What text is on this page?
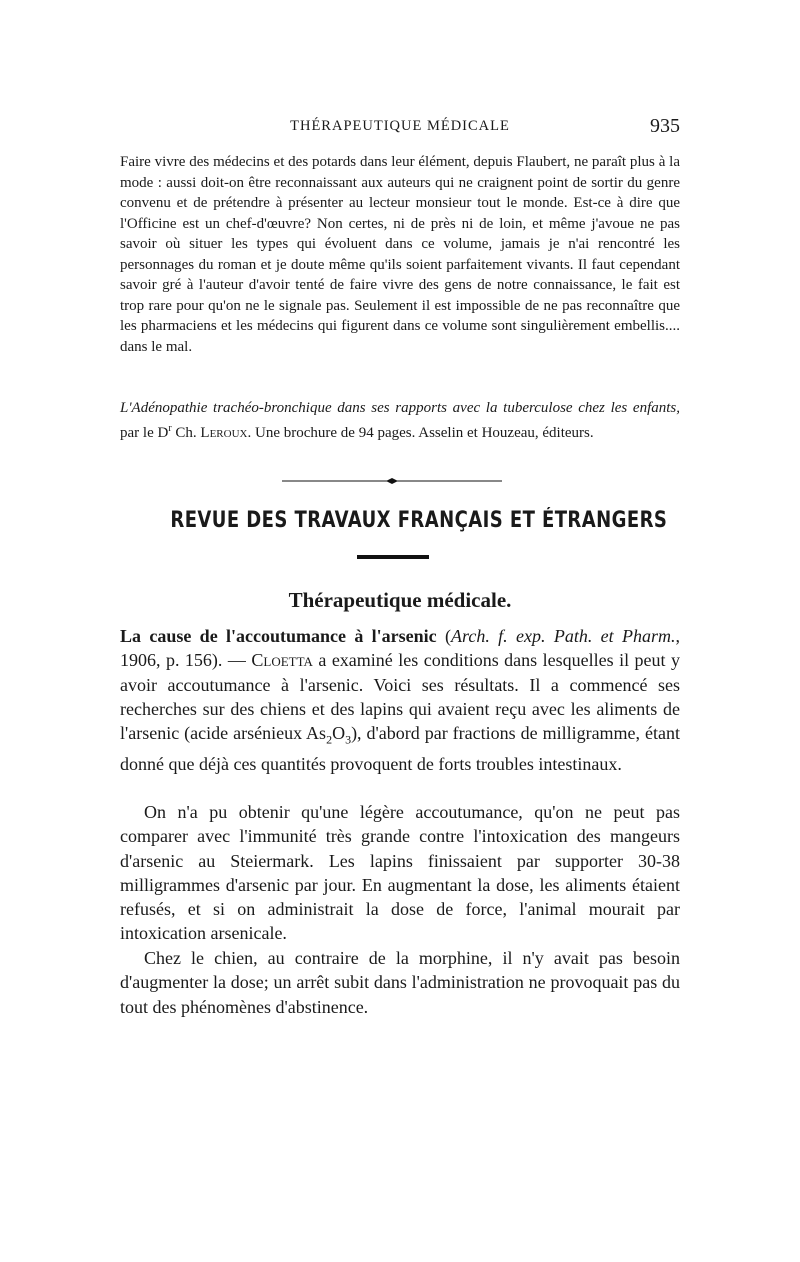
THÉRAPEUTIQUE MÉDICALE	935

Faire vivre des médecins et des potards dans leur élément, depuis Flaubert, ne paraît plus à la mode : aussi doit-on être reconnaissant aux auteurs qui ne craignent point de sortir du genre convenu et de prétendre à présenter au lecteur monsieur tout le monde. Est-ce à dire que l'Officine est un chef-d'œuvre? Non certes, ni de près ni de loin, et même j'avoue ne pas savoir où situer les types qui évoluent dans ce volume, jamais je n'ai rencontré les personnages du roman et je doute même qu'ils soient parfaitement vivants. Il faut cependant savoir gré à l'auteur d'avoir tenté de faire vivre des gens de notre connaissance, le fait est trop rare pour qu'on ne le signale pas. Seulement il est impossible de ne pas reconnaître que les pharmaciens et les médecins qui figurent dans ce volume sont singulièrement embellis.... dans le mal.

L'Adénopathie trachéo-bronchique dans ses rapports avec la tuberculose chez les enfants, par le $D^r$ Ch. Leroux. Une brochure de 94 pages. Asselin et Houzeau, éditeurs.

REVUE DES TRAVAUX FRANÇAIS ET ÉTRANGERS
Thérapeutique médicale.

La cause de l'accoutumance à l'arsenic (Arch. f. exp. Path. et Pharm., 1906, p. 156). — Cloetta a examiné les conditions dans lesquelles il peut y avoir accoutumance à l'arsenic. Voici ses résultats. Il a commencé ses recherches sur des chiens et des lapins qui avaient reçu avec les aliments de l'arsenic (acide arsénieux $As_2O_3$), d'abord par fractions de milligramme, étant donné que déjà ces quantités provoquent de forts troubles intestinaux.

On n'a pu obtenir qu'une légère accoutumance, qu'on ne peut pas comparer avec l'immunité très grande contre l'intoxication des mangeurs d'arsenic au Steiermark. Les lapins finissaient par supporter 30-38 milligrammes d'arsenic par jour. En augmentant la dose, les aliments étaient refusés, et si on administrait la dose de force, l'animal mourait par intoxication arsenicale.

Chez le chien, au contraire de la morphine, il n'y avait pas besoin d'augmenter la dose; un arrêt subit dans l'administration ne provoquait pas du tout des phénomènes d'abstinence.
